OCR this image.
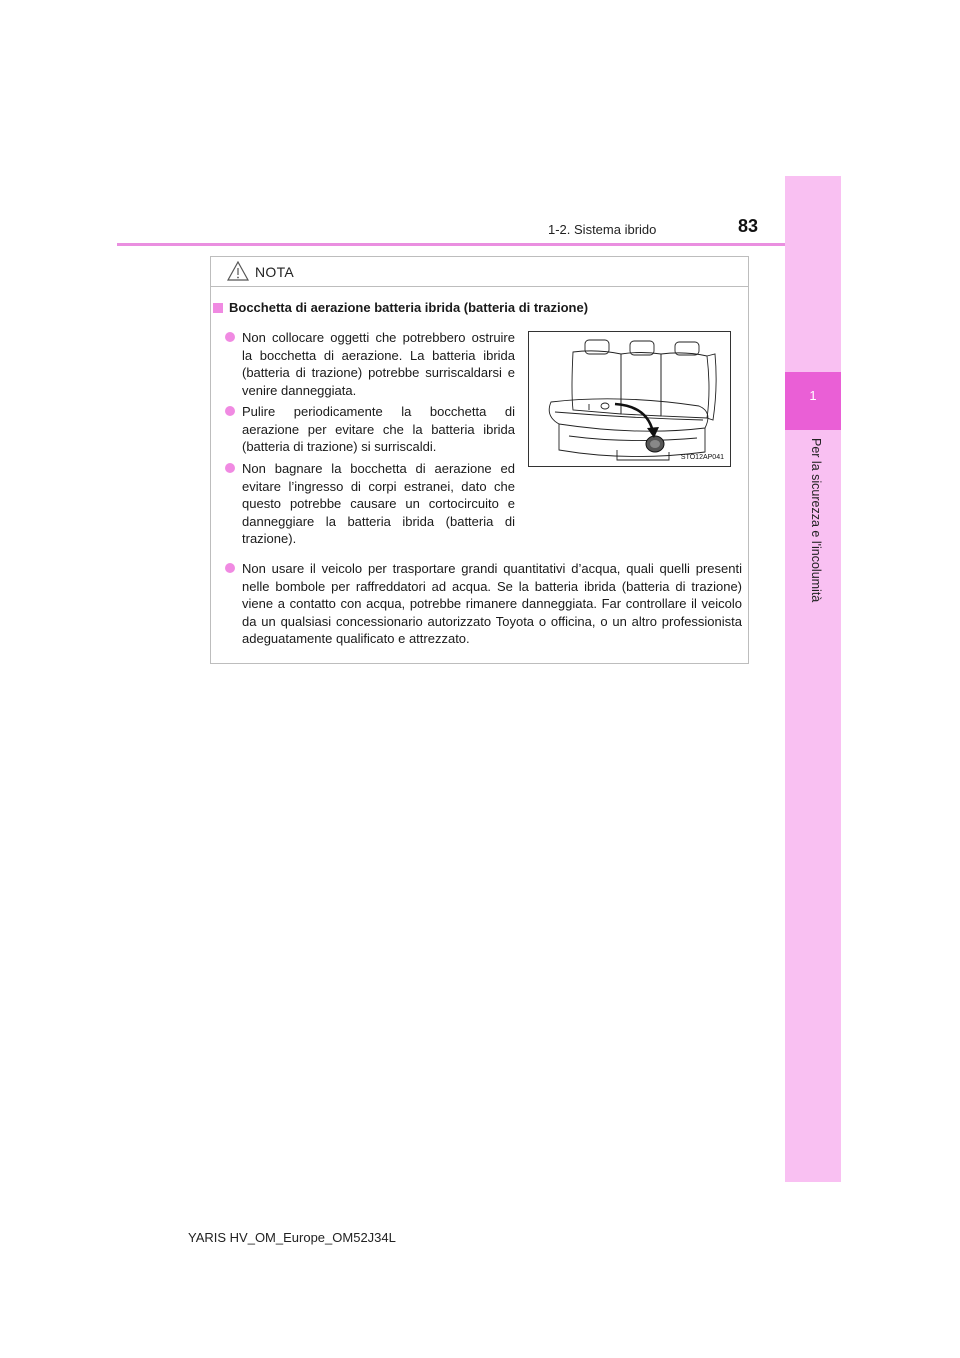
1
Per la sicurezza e l'incolumità
1-2. Sistema ibrido	83
NOTA
Bocchetta di aerazione batteria ibrida (batteria di trazione)
Non collocare oggetti che potrebbero ostruire la bocchetta di aerazione. La batteria ibrida (batteria di trazione) potrebbe surriscaldarsi e venire danneggiata.
Pulire periodicamente la bocchetta di aerazione per evitare che la batteria ibrida (batteria di trazione) si surriscaldi.
Non bagnare la bocchetta di aerazione ed evitare l’ingresso di corpi estranei, dato che questo potrebbe causare un cortocircuito e danneggiare la batteria ibrida (batteria di trazione).
Non usare il veicolo per trasportare grandi quantitativi d’acqua, quali quelli presenti nelle bombole per raffreddatori ad acqua. Se la batteria ibrida (batteria di trazione) viene a contatto con acqua, potrebbe rimanere danneggiata. Far controllare il veicolo da un qualsiasi concessionario autorizzato Toyota o officina, o un altro professionista adeguatamente qualificato e attrezzato.
STO12AP041
YARIS HV_OM_Europe_OM52J34L
